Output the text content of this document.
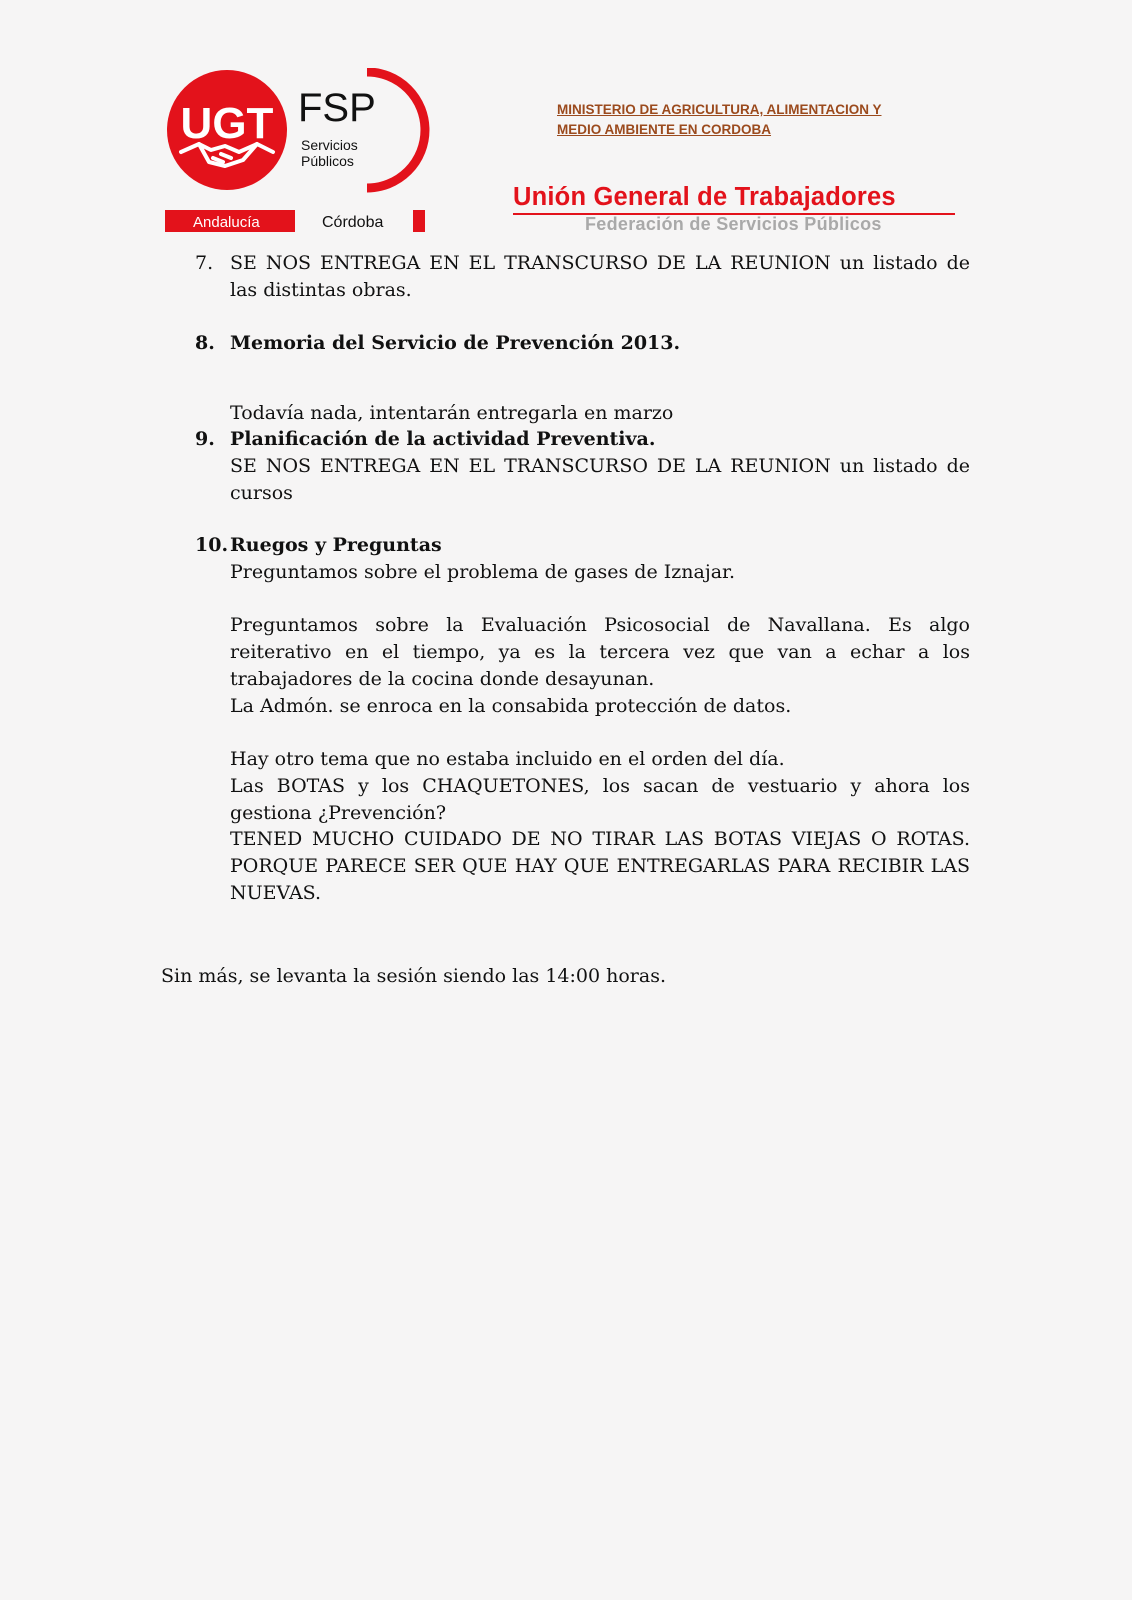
UGT FSP
Servicios
Públicos
Andalucía	Córdoba

MINISTERIO DE AGRICULTURA, ALIMENTACION Y
MEDIO AMBIENTE EN CORDOBA

Unión General de Trabajadores

Federación de Servicios Públicos

7. SE NOS ENTREGA EN EL TRANSCURSO DE LA REUNION un listado de las distintas obras.
8. Memoria del Servicio de Prevención 2013.

Todavía nada, intentarán entregarla en marzo

9. Planificación de la actividad Preventiva.
SE NOS ENTREGA EN EL TRANSCURSO DE LA REUNION un listado de cursos
10. Ruegos y Preguntas
Preguntamos sobre el problema de gases de Iznajar.

Preguntamos sobre la Evaluación Psicosocial de Navallana. Es algo reiterativo en el tiempo, ya es la tercera vez que van a echar a los trabajadores de la cocina donde desayunan.

La Admón. se enroca en la consabida protección de datos.

Hay otro tema que no estaba incluido en el orden del día.

Las BOTAS y los CHAQUETONES, los sacan de vestuario y ahora los gestiona ¿Prevención?

TENED MUCHO CUIDADO DE NO TIRAR LAS BOTAS VIEJAS O ROTAS. PORQUE PARECE SER QUE HAY QUE ENTREGARLAS PARA RECIBIR LAS NUEVAS.

Sin más, se levanta la sesión siendo las 14:00 horas.
